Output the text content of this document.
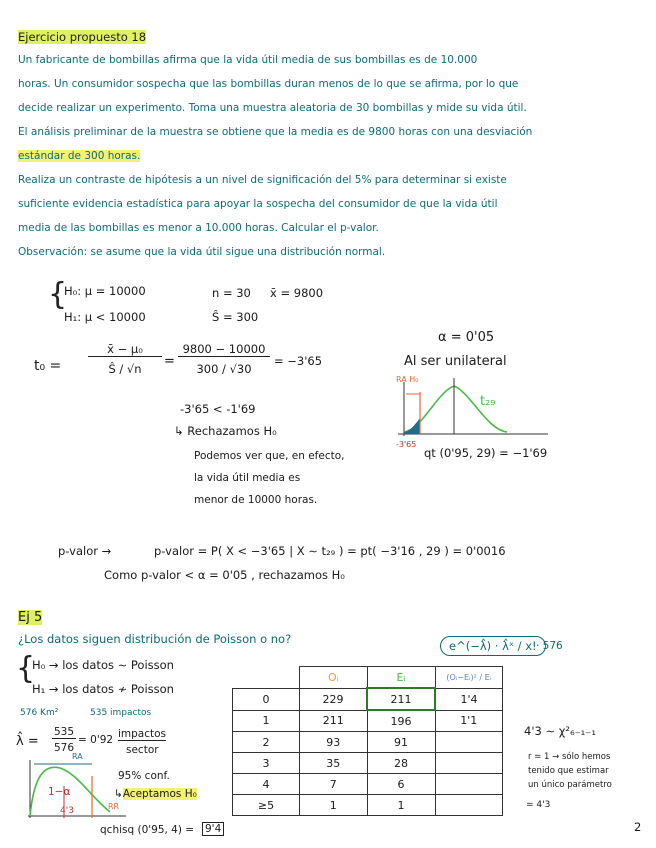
Ejercicio propuesto 18
Un fabricante de bombillas afirma que la vida útil media de sus bombillas es de 10.000
horas. Un consumidor sospecha que las bombillas duran menos de lo que se afirma, por lo que
decide realizar un experimento. Toma una muestra aleatoria de 30 bombillas y mide su vida útil.
El análisis preliminar de la muestra se obtiene que la media es de 9800 horas con una desviación
estándar de 300 horas.
Realiza un contraste de hipótesis a un nivel de significación del 5% para determinar si existe
suficiente evidencia estadística para apoyar la sospecha del consumidor de que la vida útil
media de las bombillas es menor a 10.000 horas. Calcular el p-valor.
Observación: se asume que la vida útil sigue una distribución normal.
{
H₀: μ = 10000
H₁: μ < 10000
n = 30 x̄ = 9800
Ŝ = 300
t₀ =
x̄ − μ₀
Ŝ / √n	=
9800 − 10000
300 / √30
= −3'65
α = 0'05
Al ser unilateral
RA H₀
t₂₉
-3'65
qt (0'95, 29) = −1'69
-3'65 < -1'69
↳ Rechazamos H₀
Podemos ver que, en efecto,
la vida útil media es
menor de 10000 horas.
p-valor →	p-valor = P( X < −3'65 | X ∼ t₂₉ ) = pt( −3'16 , 29 ) = 0'0016
Como p-valor < α = 0'05 , rechazamos H₀
Ej 5
¿Los datos siguen distribución de Poisson o no?
{
H₀ → los datos ∼ Poisson
H₁ → los datos ≁ Poisson
576 Km²	535 impactos
λ̂ =
535
576
= 0'92 impactos
sector
95% conf.
↳Aceptamos H₀
RA
RR
1−α
4'3
qchisq (0'95, 4) = 9'4
e^(−λ̂) · λ̂ˣ / x! · 576
	Oᵢ	Eᵢ	(Oᵢ−Eᵢ)² / Eᵢ
0	229	211	1'4
1	211	196	1'1
2	93	91	
3	35	28	
4	7	6	
≥5	1	1	
4'3 ∼ χ²₆₋₁₋₁
r = 1 → sólo hemos
tenido que estimar
un único parámetro
= 4'3
2
